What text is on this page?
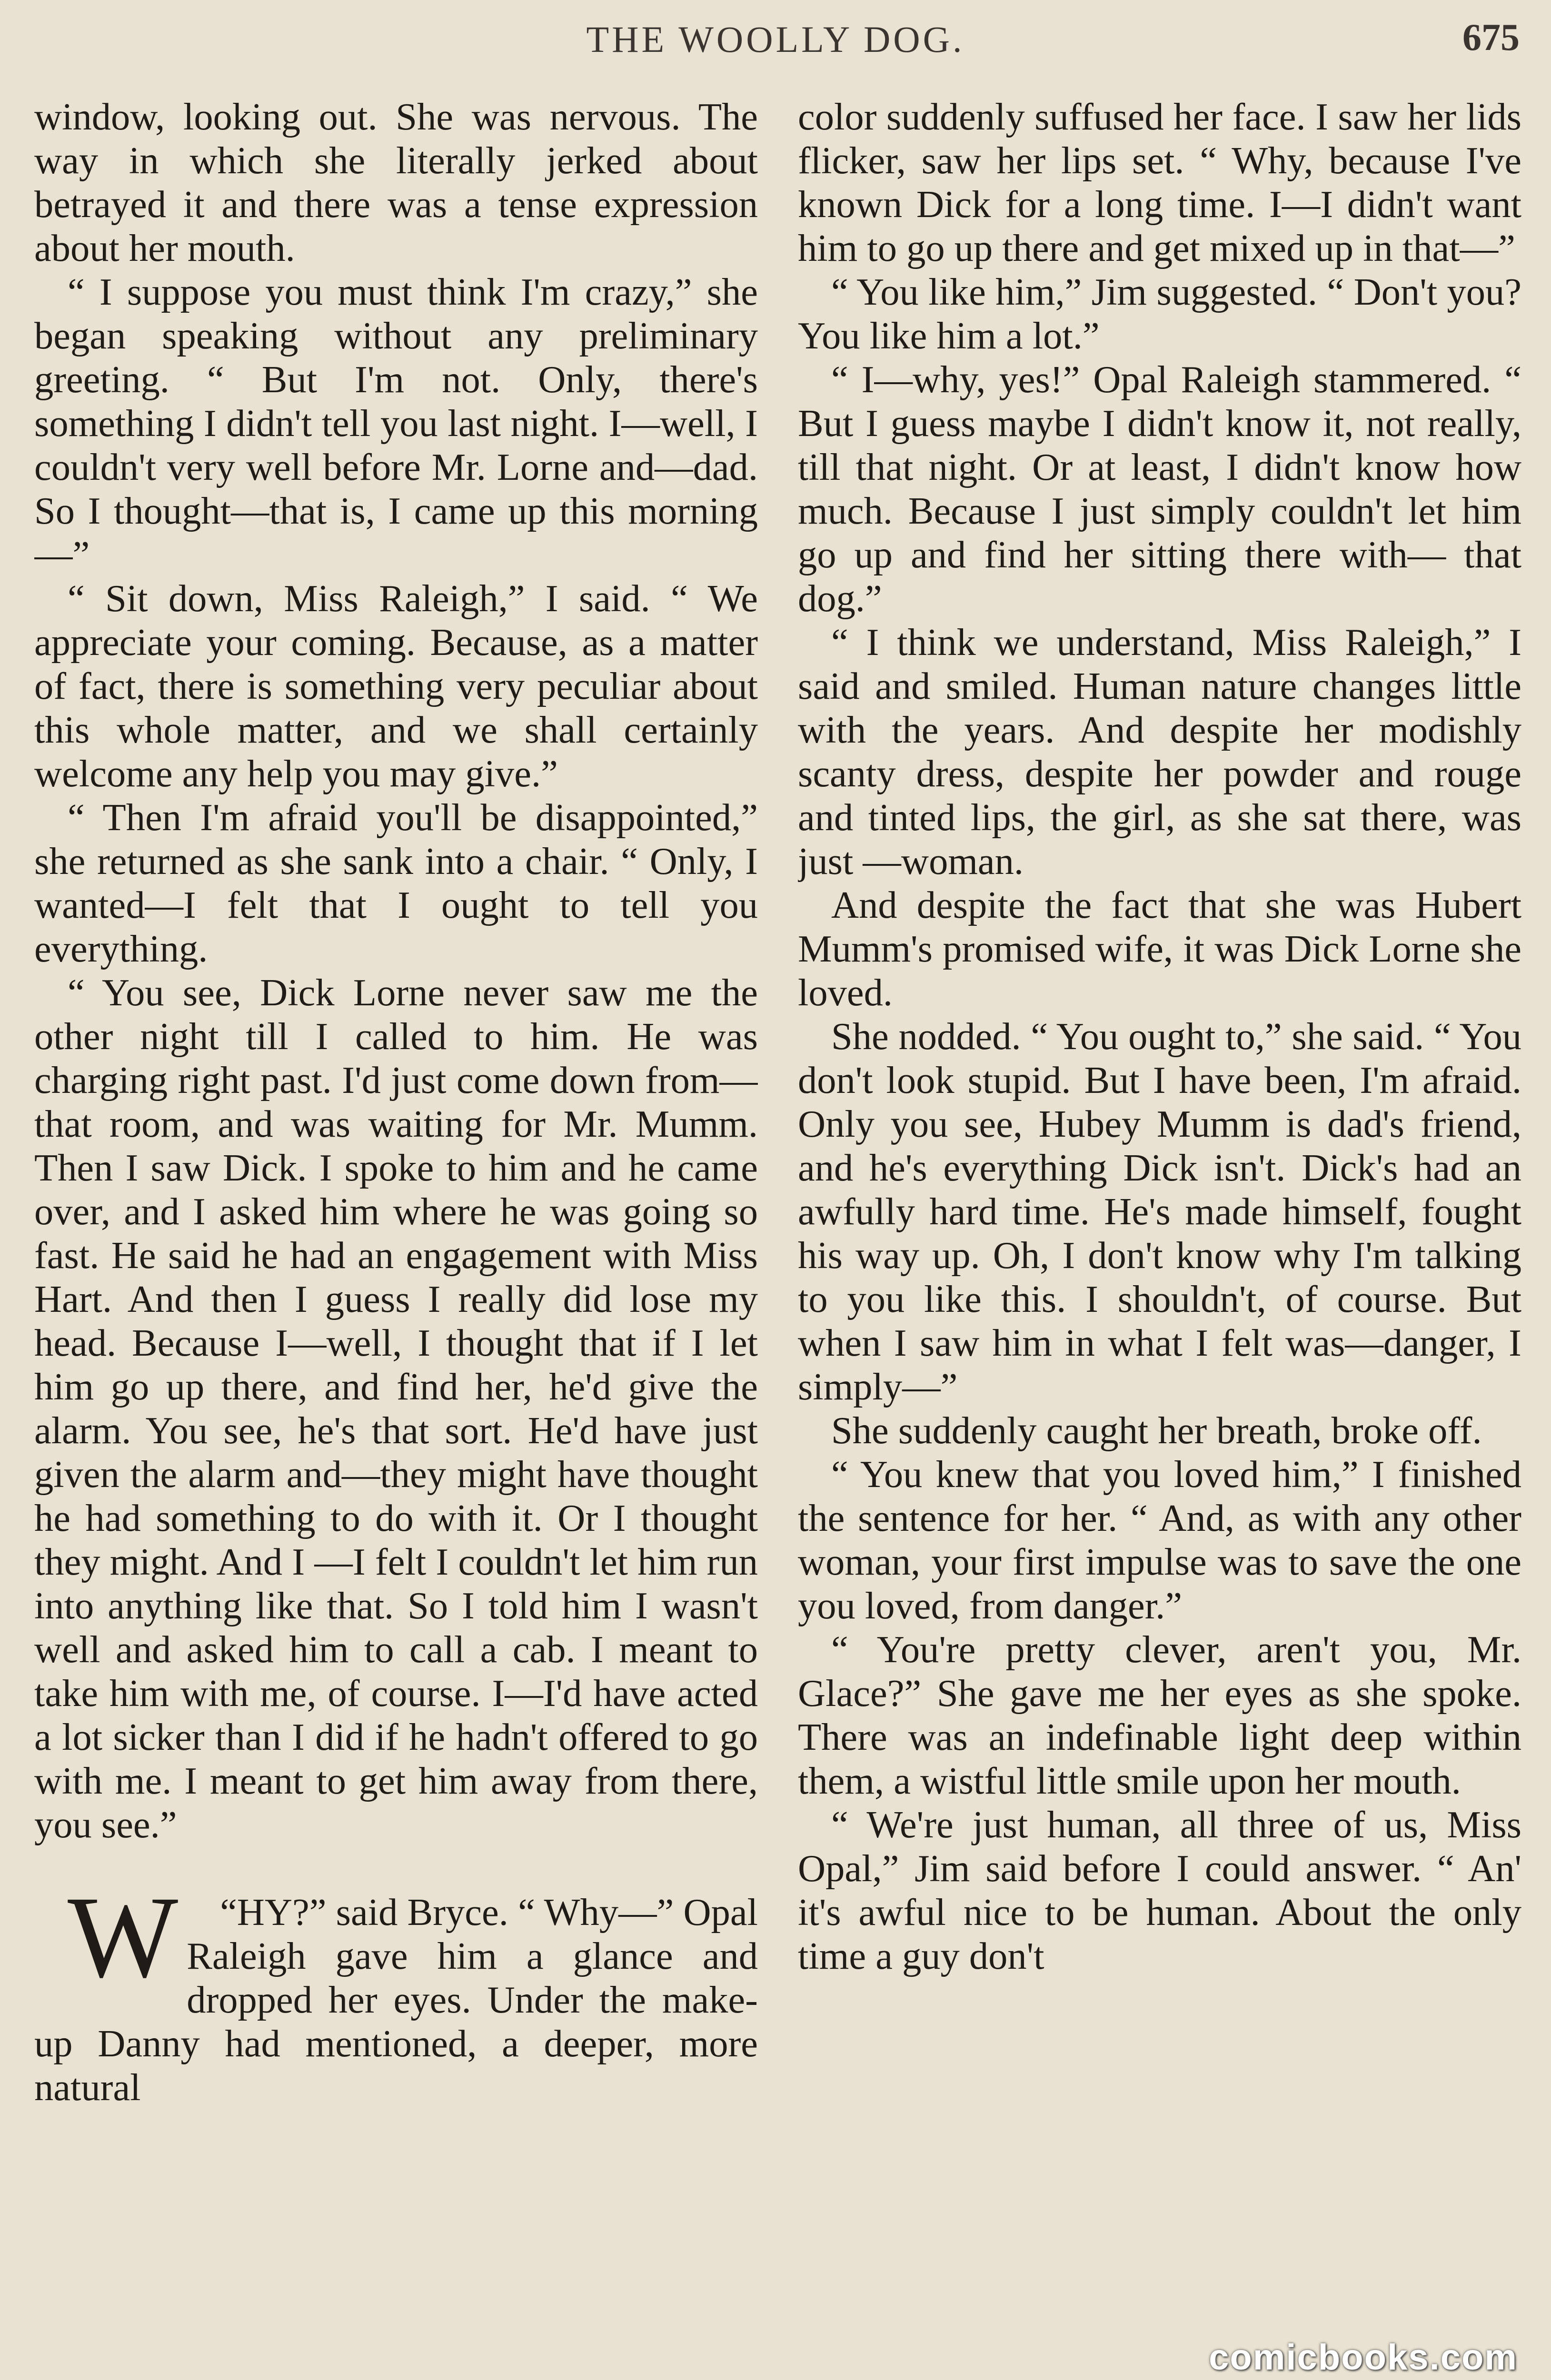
THE WOOLLY DOG.	675

window, looking out. She was nervous. The way in which she literally jerked about betrayed it and there was a tense expression about her mouth.

“ I suppose you must think I'm crazy,” she began speaking without any preliminary greeting. “ But I'm not. Only, there's something I didn't tell you last night. I—well, I couldn't very well before Mr. Lorne and—dad. So I thought—that is, I came up this morning—”

“ Sit down, Miss Raleigh,” I said. “ We appreciate your coming. Because, as a matter of fact, there is something very peculiar about this whole matter, and we shall certainly welcome any help you may give.”

“ Then I'm afraid you'll be disappointed,” she returned as she sank into a chair. “ Only, I wanted—I felt that I ought to tell you everything.

“ You see, Dick Lorne never saw me the other night till I called to him. He was charging right past. I'd just come down from—that room, and was waiting for Mr. Mumm. Then I saw Dick. I spoke to him and he came over, and I asked him where he was going so fast. He said he had an engagement with Miss Hart. And then I guess I really did lose my head. Because I—well, I thought that if I let him go up there, and find her, he'd give the alarm. You see, he's that sort. He'd have just given the alarm and—they might have thought he had something to do with it. Or I thought they might. And I —I felt I couldn't let him run into anything like that. So I told him I wasn't well and asked him to call a cab. I meant to take him with me, of course. I—I'd have acted a lot sicker than I did if he hadn't offered to go with me. I meant to get him away from there, you see.”

“
W HY?” said Bryce. “ Why—” Opal Raleigh gave him a glance and dropped her eyes. Under the make-up Danny had mentioned, a deeper, more natural

color suddenly suffused her face. I saw her lids flicker, saw her lips set. “ Why, because I've known Dick for a long time. I—I didn't want him to go up there and get mixed up in that—”

“ You like him,” Jim suggested. “ Don't you? You like him a lot.”

“ I—why, yes!” Opal Raleigh stammered. “ But I guess maybe I didn't know it, not really, till that night. Or at least, I didn't know how much. Because I just simply couldn't let him go up and find her sitting there with— that dog.”

“ I think we understand, Miss Raleigh,” I said and smiled. Human nature changes little with the years. And despite her modishly scanty dress, despite her powder and rouge and tinted lips, the girl, as she sat there, was just —woman.

And despite the fact that she was Hubert Mumm's promised wife, it was Dick Lorne she loved.

She nodded. “ You ought to,” she said. “ You don't look stupid. But I have been, I'm afraid. Only you see, Hubey Mumm is dad's friend, and he's everything Dick isn't. Dick's had an awfully hard time. He's made himself, fought his way up. Oh, I don't know why I'm talking to you like this. I shouldn't, of course. But when I saw him in what I felt was—danger, I simply—”

She suddenly caught her breath, broke off.

“ You knew that you loved him,” I finished the sentence for her. “ And, as with any other woman, your first impulse was to save the one you loved, from danger.”

“ You're pretty clever, aren't you, Mr. Glace?” She gave me her eyes as she spoke. There was an indefinable light deep within them, a wistful little smile upon her mouth.

“ We're just human, all three of us, Miss Opal,” Jim said before I could answer. “ An' it's awful nice to be human. About the only time a guy don't

comicbooks.com
